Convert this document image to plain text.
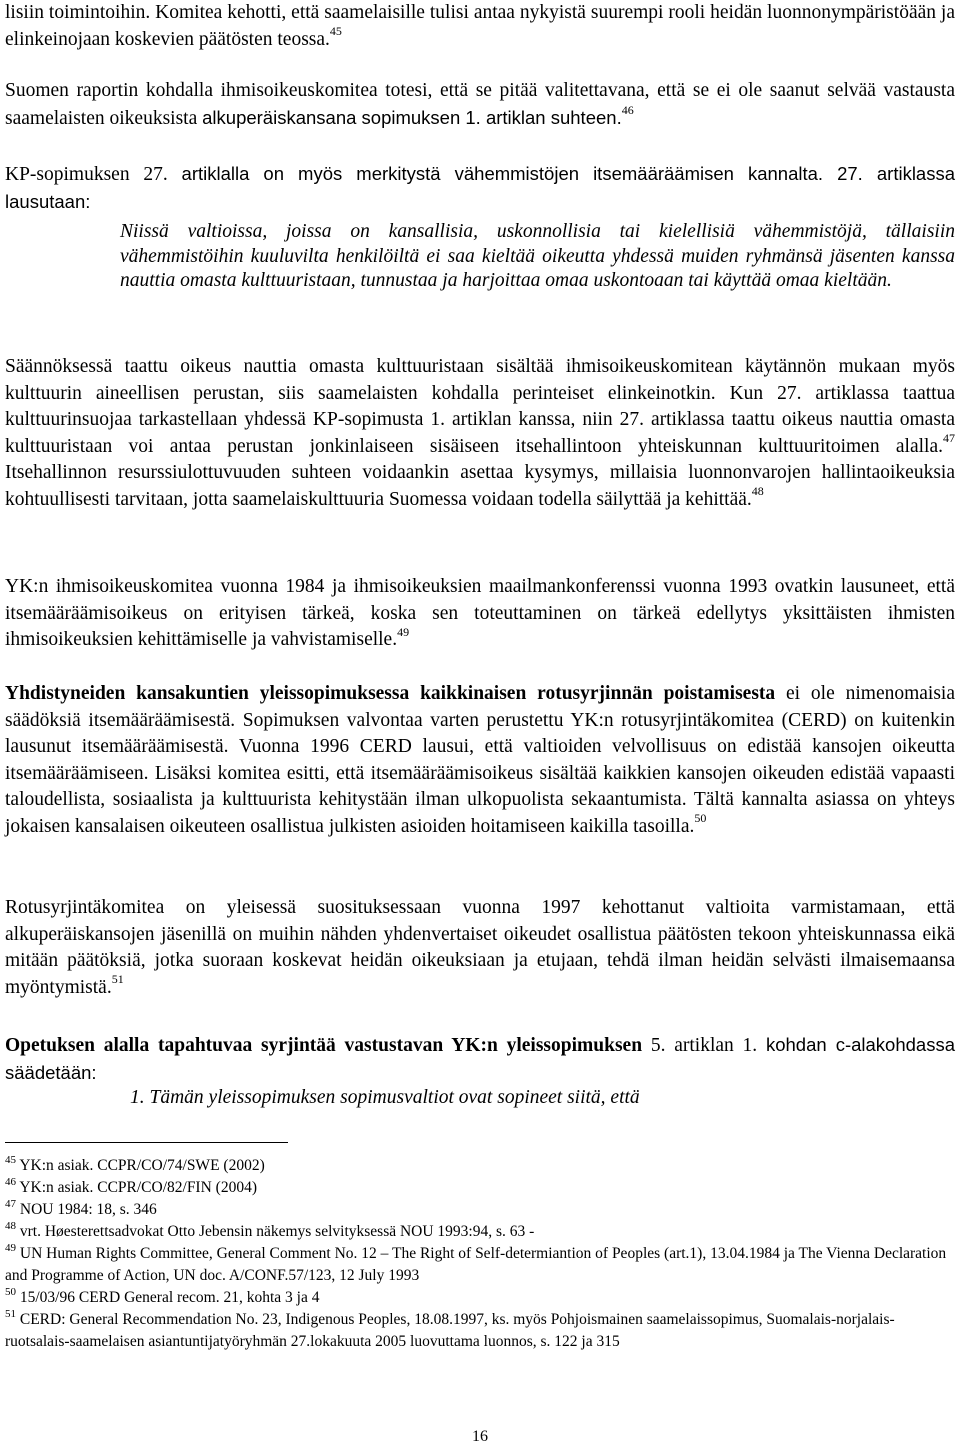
lisiin toimintoihin. Komitea kehotti, että saamelaisille tulisi antaa nykyistä suurempi rooli heidän luonnonympäristöään ja elinkeinojaan koskevien päätösten teossa.$^{45}$

Suomen raportin kohdalla ihmisoikeuskomitea totesi, että se pitää valitettavana, että se ei ole saanut selvää vastausta saamelaisten oikeuksista alkuperäiskansana sopimuksen 1. artiklan suhteen.$^{46}$

KP-sopimuksen 27. artiklalla on myös merkitystä vähemmistöjen itsemääräämisen kannalta. 27. artiklassa lausutaan:

Niissä valtioissa, joissa on kansallisia, uskonnollisia tai kielellisiä vähemmistöjä, tällaisiin vähemmistöihin kuuluvilta henkilöiltä ei saa kieltää oikeutta yhdessä muiden ryhmänsä jäsenten kanssa nauttia omasta kulttuuristaan, tunnustaa ja harjoittaa omaa uskontoaan tai käyttää omaa kieltään.

Säännöksessä taattu oikeus nauttia omasta kulttuuristaan sisältää ihmisoikeuskomitean käytännön mukaan myös kulttuurin aineellisen perustan, siis saamelaisten kohdalla perinteiset elinkeinotkin. Kun 27. artiklassa taattua kulttuurinsuojaa tarkastellaan yhdessä KP-sopimusta 1. artiklan kanssa, niin 27. artiklassa taattu oikeus nauttia omasta kulttuuristaan voi antaa perustan jonkinlaiseen sisäiseen itsehallintoon yhteiskunnan kulttuuritoimen alalla.$^{47}$ Itsehallinnon resurssiulottuvuuden suhteen voidaankin asettaa kysymys, millaisia luonnonvarojen hallintaoikeuksia kohtuullisesti tarvitaan, jotta saamelaiskulttuuria Suomessa voidaan todella säilyttää ja kehittää.$^{48}$

YK:n ihmisoikeuskomitea vuonna 1984 ja ihmisoikeuksien maailmankonferenssi vuonna 1993 ovatkin lausuneet, että itsemääräämisoikeus on erityisen tärkeä, koska sen toteuttaminen on tärkeä edellytys yksittäisten ihmisten ihmisoikeuksien kehittämiselle ja vahvistamiselle.$^{49}$

Yhdistyneiden kansakuntien yleissopimuksessa kaikkinaisen rotusyrjinnän poistamisesta ei ole nimenomaisia säädöksiä itsemääräämisestä. Sopimuksen valvontaa varten perustettu YK:n rotusyrjintäkomitea (CERD) on kuitenkin lausunut itsemääräämisestä. Vuonna 1996 CERD lausui, että valtioiden velvollisuus on edistää kansojen oikeutta itsemääräämiseen. Lisäksi komitea esitti, että itsemääräämisoikeus sisältää kaikkien kansojen oikeuden edistää vapaasti taloudellista, sosiaalista ja kulttuurista kehitystään ilman ulkopuolista sekaantumista. Tältä kannalta asiassa on yhteys jokaisen kansalaisen oikeuteen osallistua julkisten asioiden hoitamiseen kaikilla tasoilla.$^{50}$

Rotusyrjintäkomitea on yleisessä suosituksessaan vuonna 1997 kehottanut valtioita varmistamaan, että alkuperäiskansojen jäsenillä on muihin nähden yhdenvertaiset oikeudet osallistua päätösten tekoon yhteiskunnassa eikä mitään päätöksiä, jotka suoraan koskevat heidän oikeuksiaan ja etujaan, tehdä ilman heidän selvästi ilmaisemaansa myöntymistä.$^{51}$

Opetuksen alalla tapahtuvaa syrjintää vastustavan YK:n yleissopimuksen 5. artiklan 1. kohdan c-alakohdassa säädetään:

1. Tämän yleissopimuksen sopimusvaltiot ovat sopineet siitä, että

$^{45}$ YK:n asiak. CCPR/CO/74/SWE (2002)

$^{46}$ YK:n asiak. CCPR/CO/82/FIN (2004)

$^{47}$ NOU 1984: 18, s. 346

$^{48}$ vrt. Høesterettsadvokat Otto Jebensin näkemys selvityksessä NOU 1993:94, s. 63 -

$^{49}$ UN Human Rights Committee, General Comment No. 12 – The Right of Self-determiantion of Peoples (art.1), 13.04.1984 ja The Vienna Declaration and Programme of Action, UN doc. A/CONF.57/123, 12 July 1993

$^{50}$ 15/03/96 CERD General recom. 21, kohta 3 ja 4

$^{51}$ CERD: General Recommendation No. 23, Indigenous Peoples, 18.08.1997, ks. myös Pohjoismainen saamelaissopimus, Suomalais-norjalais-ruotsalais-saamelaisen asiantuntijatyöryhmän 27.lokakuuta 2005 luovuttama luonnos, s. 122 ja 315

16
